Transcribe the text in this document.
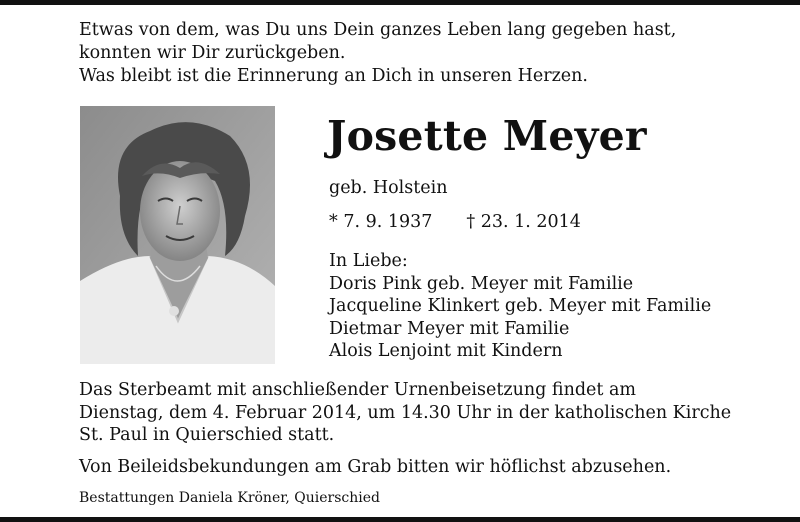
Etwas von dem, was Du uns Dein ganzes Leben lang gegeben hast,
konnten wir Dir zurückgeben.
Was bleibt ist die Erinnerung an Dich in unseren Herzen.
Josette Meyer
geb. Holstein
* 7. 9. 1937 † 23. 1. 2014
In Liebe:
Doris Pink geb. Meyer mit Familie
Jacqueline Klinkert geb. Meyer mit Familie
Dietmar Meyer mit Familie
Alois Lenjoint mit Kindern
Das Sterbeamt mit anschließender Urnenbeisetzung findet am
Dienstag, dem 4. Februar 2014, um 14.30 Uhr in der katholischen Kirche
St. Paul in Quierschied statt.
Von Beileidsbekundungen am Grab bitten wir höflichst abzusehen.
Bestattungen Daniela Kröner, Quierschied
